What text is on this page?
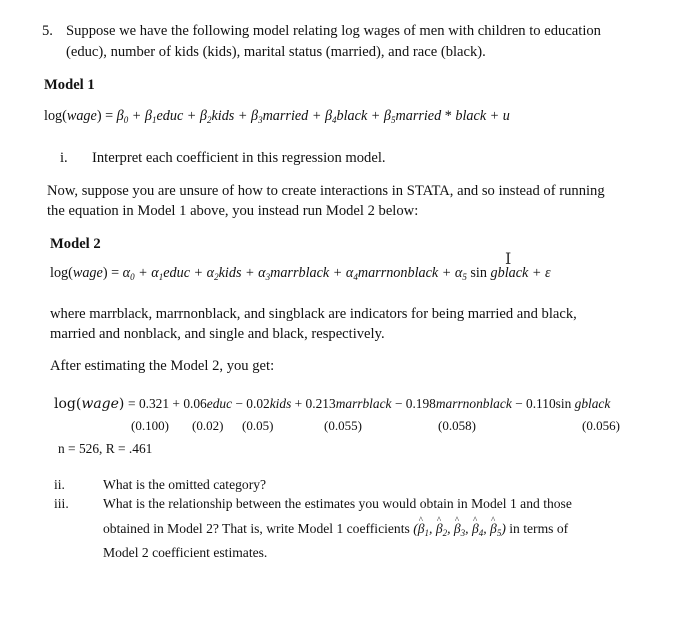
5. Suppose we have the following model relating log wages of men with children to education
(educ), number of kids (kids), marital status (married), and race (black).
Model 1
log(wage) = $\beta_0$ + $\beta_1educ$ + $\beta_2kids$ + $\beta_3married$ + $\beta_4black$ + $\beta_5married$ * black + u
i. Interpret each coefficient in this regression model.
Now, suppose you are unsure of how to create interactions in STATA, and so instead of running
the equation in Model 1 above, you instead run Model 2 below:
Model 2
log(wage) = $\alpha_0$ + $\alpha_1educ$ + $\alpha_2kids$ + $\alpha_3marrblack$ + $\alpha_4marrnonblack + \alpha_5$ sin gblack + ε
I
where marrblack, marrnonblack, and singblack are indicators for being married and black,
married and nonblack, and single and black, respectively.
After estimating the Model 2, you get:
log(wage) = 0.321 + 0.06educ − 0.02kids + 0.213marrblack − 0.198marrnonblack − 0.110sin gblack
(0.100) (0.02) (0.05)	(0.055)	(0.058)	(0.056)
n = 526, R = .461
ii.	What is the omitted category?
iii.	What is the relationship between the estimates you would obtain in Model 1 and those
obtained in Model 2? That is, write Model 1 coefficients (^ $\beta_1$, ^ $\beta_2$, ^ $\beta_3$, ^ $\beta_4$, ^ $\beta_5$) in terms of
Model 2 coefficient estimates.
